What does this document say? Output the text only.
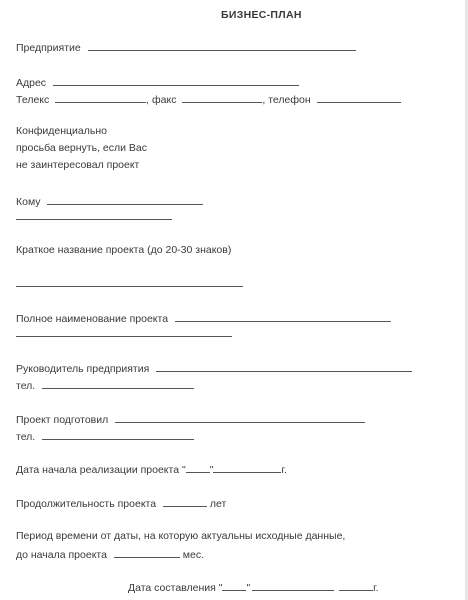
БИЗНЕС-ПЛАН
Предприятие
Адрес
Телекс	, факс	, телефон
Конфиденциально
просьба вернуть, если Вас
не заинтересовал проект
Кому
Краткое название проекта (до 20-30 знаков)
Полное наименование проекта
Руководитель предприятия
тел.
Проект подготовил
тел.
Дата начала реализации проекта " "	г.
Продолжительность проекта	лет
Период времени от даты, на которую актуальны исходные данные,
до начала проекта	мес.
Дата составления " "	г.
